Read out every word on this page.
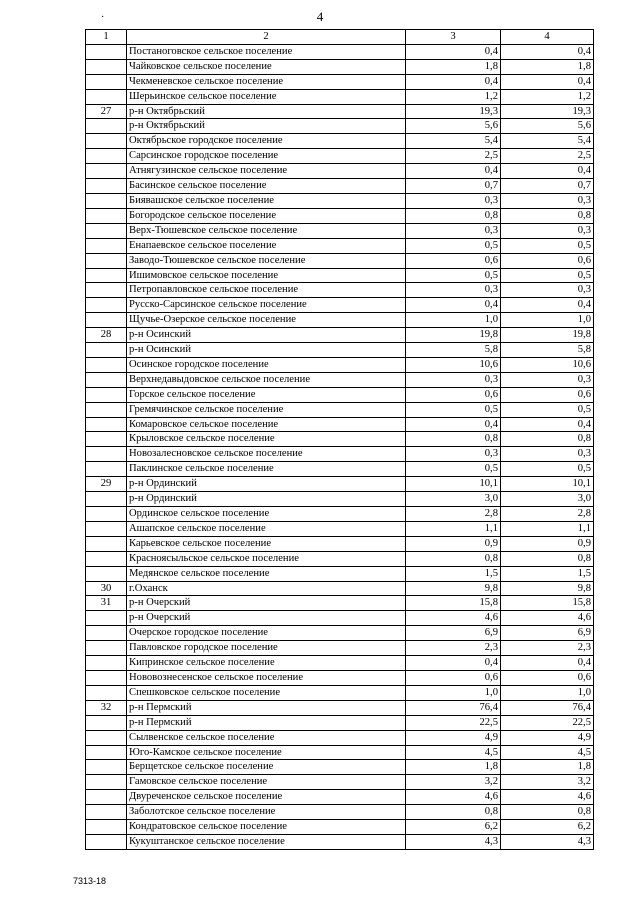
·	4
1	2	3	4
	Постаноговское сельское поселение	0,4	0,4
	Чайковское сельское поселение	1,8	1,8
	Чекменевское сельское поселение	0,4	0,4
	Шерьинское сельское поселение	1,2	1,2
27	р-н Октябрьский	19,3	19,3
	р-н Октябрьский	5,6	5,6
	Октябрьское городское поселение	5,4	5,4
	Сарсинское городское поселение	2,5	2,5
	Атнягузинское сельское поселение	0,4	0,4
	Басинское сельское поселение	0,7	0,7
	Биявашское сельское поселение	0,3	0,3
	Богородское сельское поселение	0,8	0,8
	Верх-Тюшевское сельское поселение	0,3	0,3
	Енапаевское сельское поселение	0,5	0,5
	Заводо-Тюшевское сельское поселение	0,6	0,6
	Ишимовское сельское поселение	0,5	0,5
	Петропавловское сельское поселение	0,3	0,3
	Русско-Сарсинское сельское поселение	0,4	0,4
	Щучье-Озерское сельское поселение	1,0	1,0
28	р-н Осинский	19,8	19,8
	р-н Осинский	5,8	5,8
	Осинское городское поселение	10,6	10,6
	Верхнедавыдовское сельское поселение	0,3	0,3
	Горское сельское поселение	0,6	0,6
	Гремячинское сельское поселение	0,5	0,5
	Комаровское сельское поселение	0,4	0,4
	Крыловское сельское поселение	0,8	0,8
	Новозалесновское сельское поселение	0,3	0,3
	Паклинское сельское поселение	0,5	0,5
29	р-н Ординский	10,1	10,1
	р-н Ординский	3,0	3,0
	Ординское сельское поселение	2,8	2,8
	Ашапское сельское поселение	1,1	1,1
	Карьевское сельское поселение	0,9	0,9
	Красноясыльское сельское поселение	0,8	0,8
	Медянское сельское поселение	1,5	1,5
30	г.Оханск	9,8	9,8
31	р-н Очерский	15,8	15,8
	р-н Очерский	4,6	4,6
	Очерское городское поселение	6,9	6,9
	Павловское городское поселение	2,3	2,3
	Кипринское сельское поселение	0,4	0,4
	Нововознесенское сельское поселение	0,6	0,6
	Спешковское сельское поселение	1,0	1,0
32	р-н Пермский	76,4	76,4
	р-н Пермский	22,5	22,5
	Сылвенское сельское поселение	4,9	4,9
	Юго-Камское сельское поселение	4,5	4,5
	Берщетское сельское поселение	1,8	1,8
	Гамовское сельское поселение	3,2	3,2
	Двуреченское сельское поселение	4,6	4,6
	Заболотское сельское поселение	0,8	0,8
	Кондратовское сельское поселение	6,2	6,2
	Кукуштанское сельское поселение	4,3	4,3
7313-18
